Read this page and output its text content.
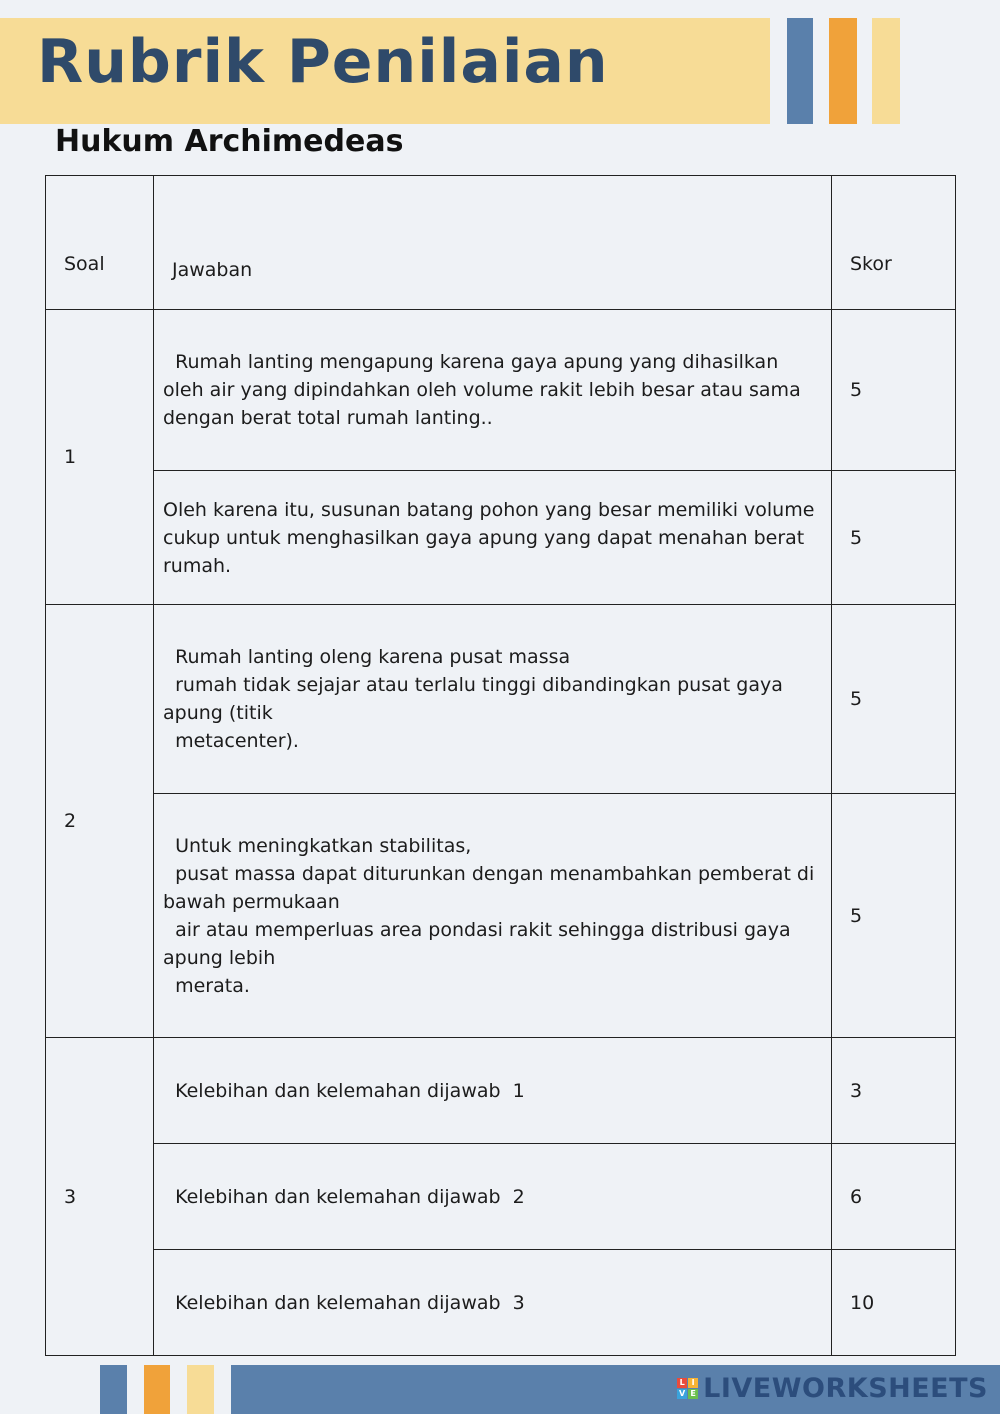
Rubrik Penilaian
Hukum Archimedeas
Soal	Jawaban	Skor
1	Rumah lanting mengapung karena gaya apung yang dihasilkan oleh air yang dipindahkan oleh volume rakit lebih besar atau sama dengan berat total rumah lanting..	5
	Oleh karena itu, susunan batang pohon yang besar memiliki volume cukup untuk menghasilkan gaya apung yang dapat menahan berat rumah.	5
2	Rumah lanting oleng karena pusat massa
rumah tidak sejajar atau terlalu tinggi dibandingkan pusat gaya apung (titik
metacenter).	5
	Untuk meningkatkan stabilitas,
pusat massa dapat diturunkan dengan menambahkan pemberat di bawah permukaan
air atau memperluas area pondasi rakit sehingga distribusi gaya apung lebih
merata.	5
3	Kelebihan dan kelemahan dijawab  1	3
	Kelebihan dan kelemahan dijawab  2	6
	Kelebihan dan kelemahan dijawab  3	10
L I
V E LIVEWORKSHEETS
